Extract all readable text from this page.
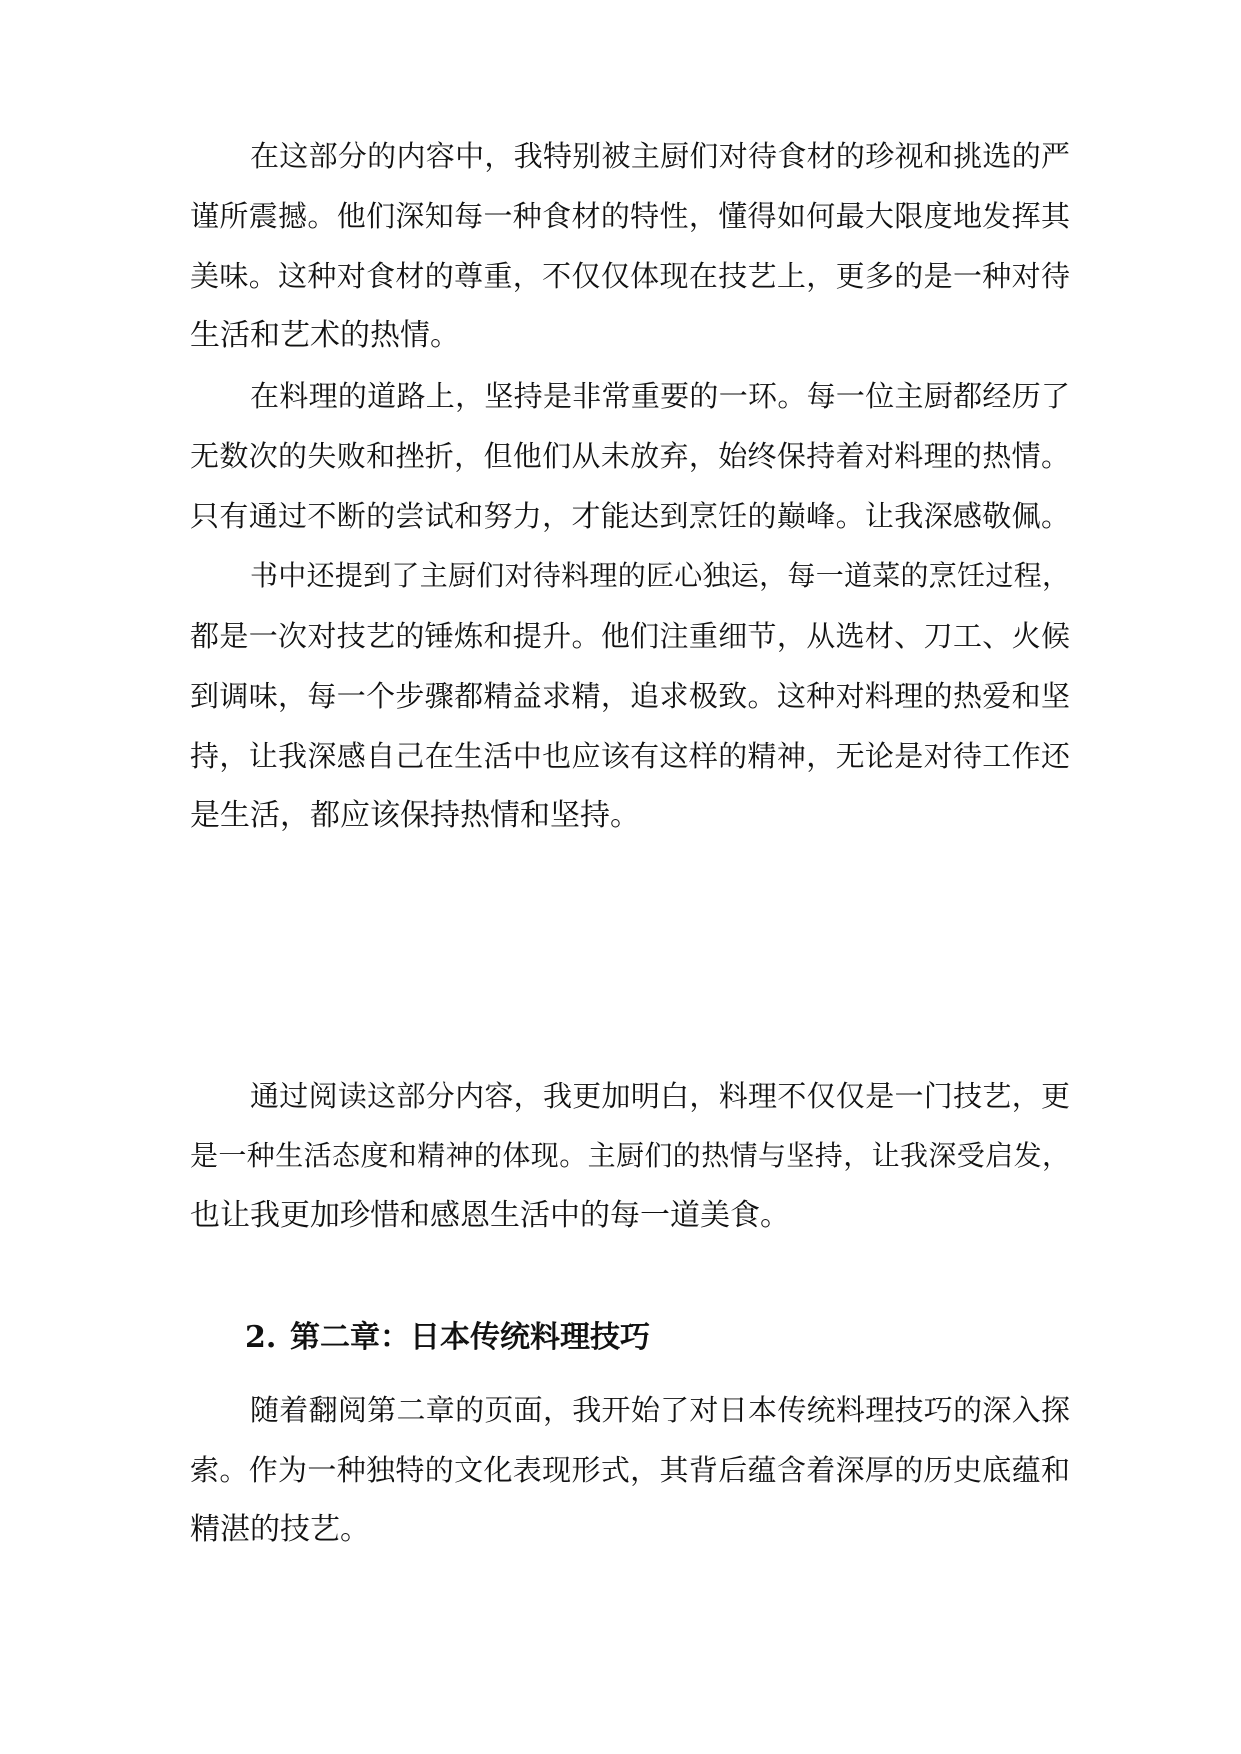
在这部分的内容中，我特别被主厨们对待食材的珍视和挑选的严
谨所震撼。他们深知每一种食材的特性，懂得如何最大限度地发挥其
美味。这种对食材的尊重，不仅仅体现在技艺上，更多的是一种对待
生活和艺术的热情。
在料理的道路上，坚持是非常重要的一环。每一位主厨都经历了
无数次的失败和挫折，但他们从未放弃，始终保持着对料理的热情。
只有通过不断的尝试和努力，才能达到烹饪的巅峰。让我深感敬佩。
书中还提到了主厨们对待料理的匠心独运，每一道菜的烹饪过程，
都是一次对技艺的锤炼和提升。他们注重细节，从选材、刀工、火候
到调味，每一个步骤都精益求精，追求极致。这种对料理的热爱和坚
持，让我深感自己在生活中也应该有这样的精神，无论是对待工作还
是生活，都应该保持热情和坚持。
通过阅读这部分内容，我更加明白，料理不仅仅是一门技艺，更
是一种生活态度和精神的体现。主厨们的热情与坚持，让我深受启发，
也让我更加珍惜和感恩生活中的每一道美食。
2. 第二章：日本传统料理技巧
随着翻阅第二章的页面，我开始了对日本传统料理技巧的深入探
索。作为一种独特的文化表现形式，其背后蕴含着深厚的历史底蕴和
精湛的技艺。
